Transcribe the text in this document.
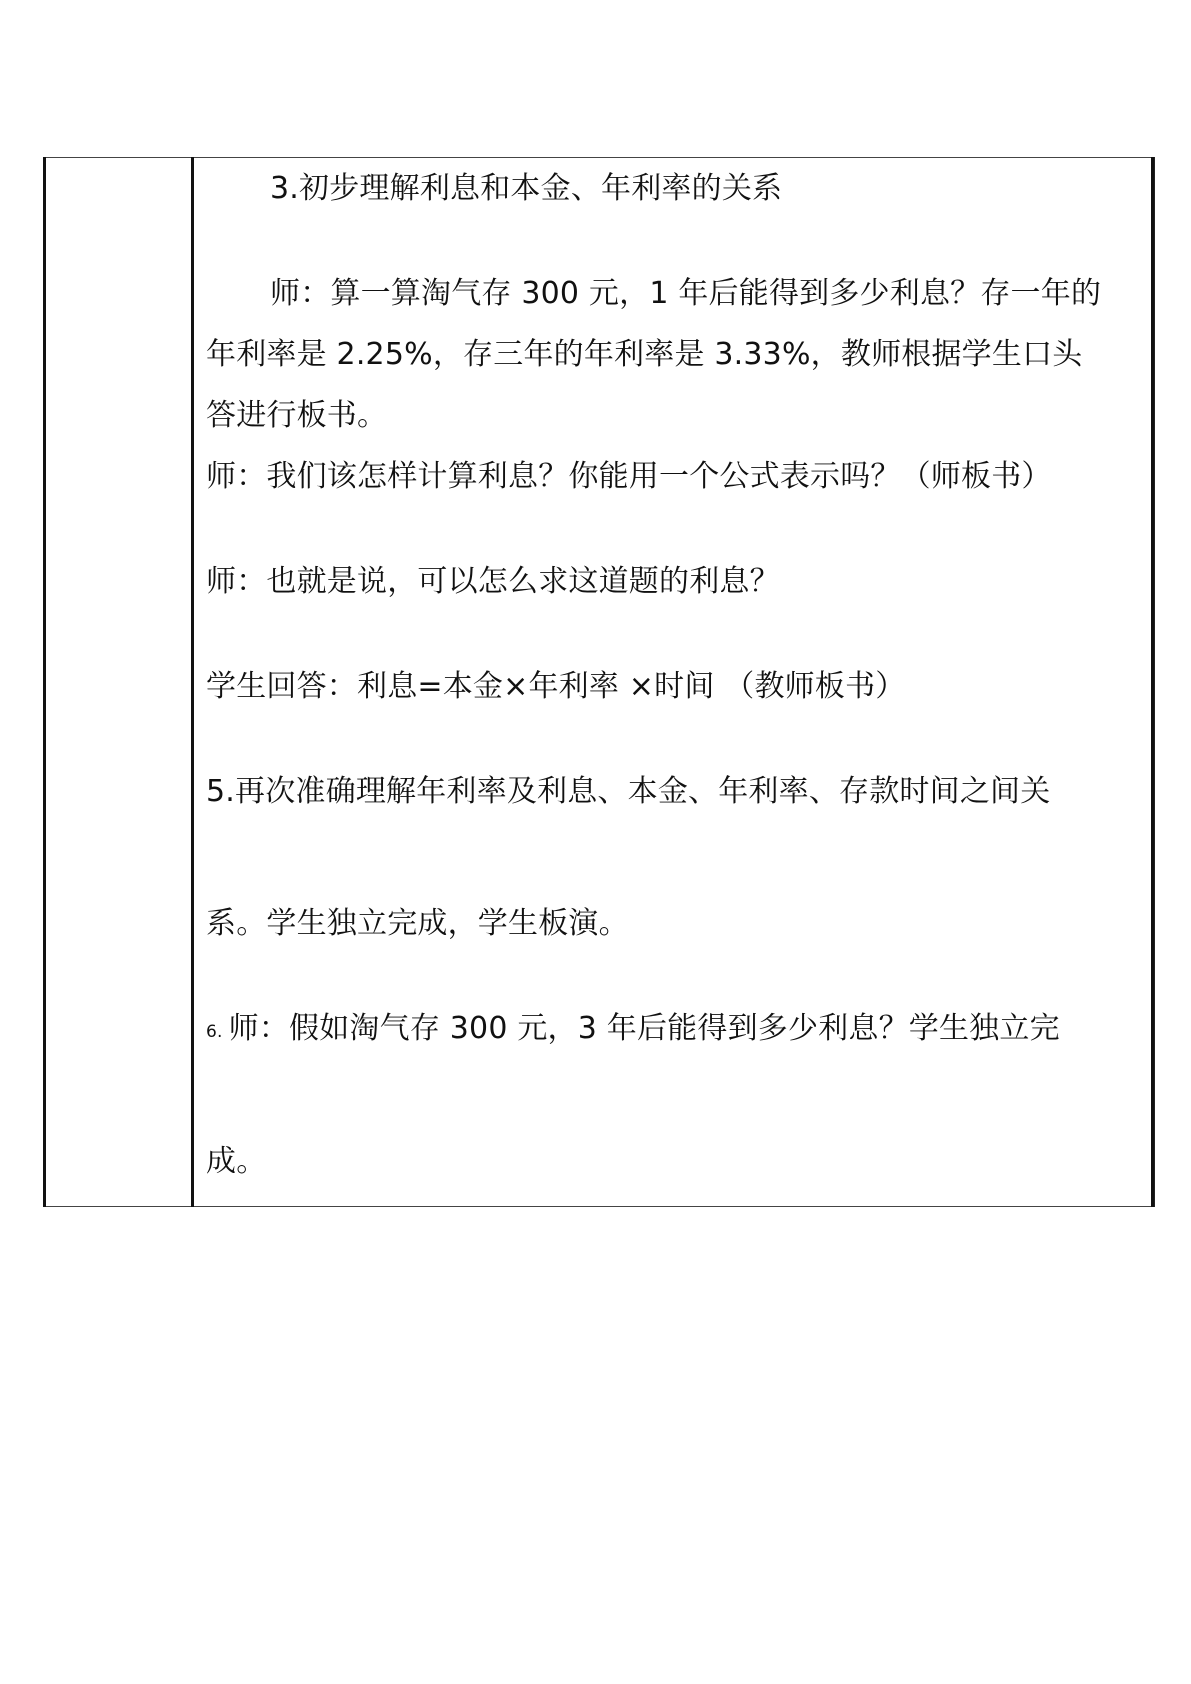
3.初步理解利息和本金、年利率的关系

师：算一算淘气存 300 元，1 年后能得到多少利息？存一年的

年利率是 2.25%，存三年的年利率是 3.33%，教师根据学生口头

答进行板书。

师：我们该怎样计算利息？你能用一个公式表示吗？（师板书）

师：也就是说，可以怎么求这道题的利息？

学生回答：利息=本金×年利率 ×时间 （教师板书）

5.再次准确理解年利率及利息、本金、年利率、存款时间之间关

系。学生独立完成，学生板演。

6. 师：假如淘气存 300 元，3 年后能得到多少利息？学生独立完

成。
